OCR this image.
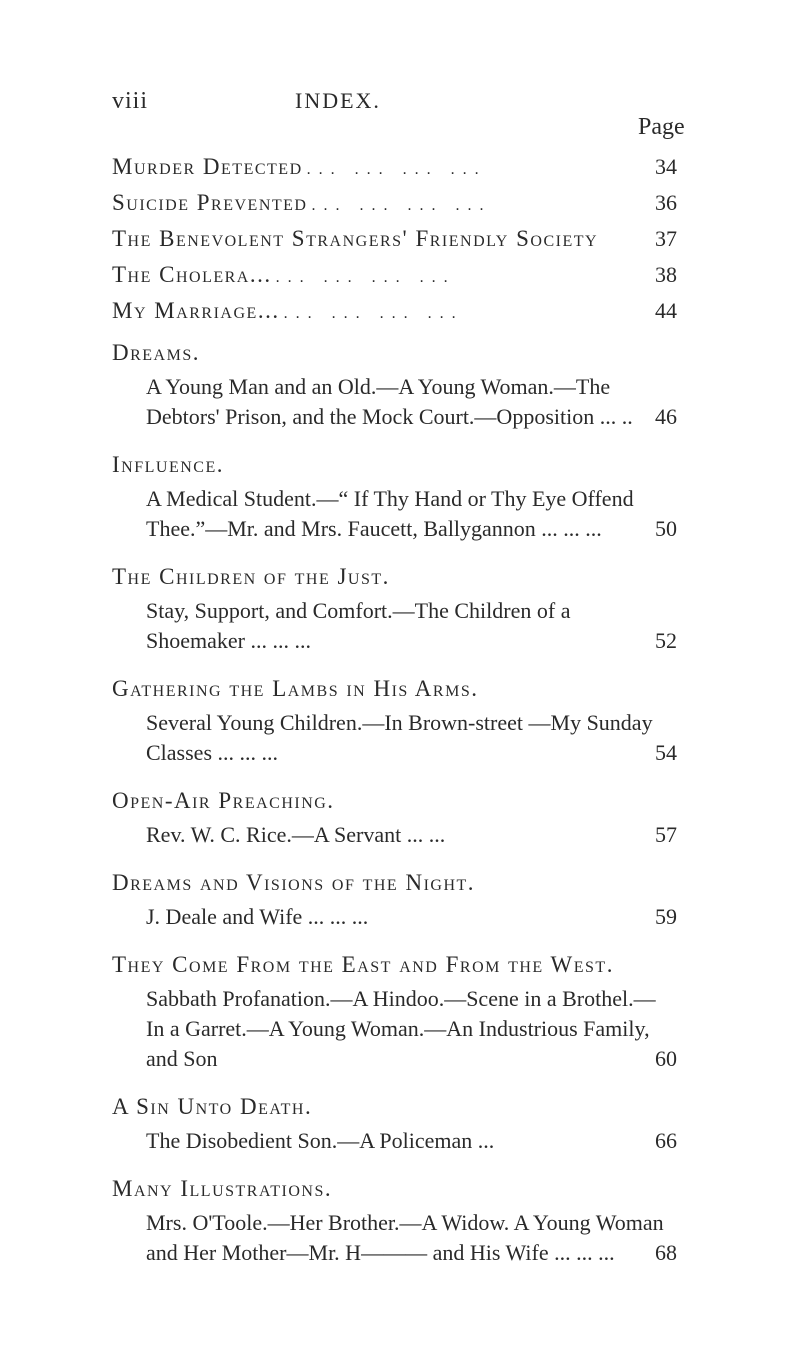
viii	INDEX.
Page
Murder Detected ... ... ... ...	34
Suicide Prevented ... ... ... ...	36
The Benevolent Strangers' Friendly Society	37
The Cholera... ... ... ... ...	38
My Marriage... ... ... ... ...	44
Dreams.
A Young Man and an Old.—A Young Woman.—The Debtors' Prison, and the Mock Court.—Opposition ... ..	46
Influence.
A Medical Student.—“ If Thy Hand or Thy Eye Offend Thee.”—Mr. and Mrs. Faucett, Ballygannon ... ... ...	50
The Children of the Just.
Stay, Support, and Comfort.—The Children of a Shoemaker ... ... ...	52
Gathering the Lambs in His Arms.
Several Young Children.—In Brown-street —My Sunday Classes ... ... ...	54
Open-Air Preaching.
Rev. W. C. Rice.—A Servant ... ...	57
Dreams and Visions of the Night.
J. Deale and Wife ... ... ...	59
They Come From the East and From the West.
Sabbath Profanation.—A Hindoo.—Scene in a Brothel.—In a Garret.—A Young Woman.—An Industrious Family, and Son	60
A Sin Unto Death.
The Disobedient Son.—A Policeman ...	66
Many Illustrations.
Mrs. O'Toole.—Her Brother.—A Widow. A Young Woman and Her Mother—Mr. H——— and His Wife ... ... ...	68
